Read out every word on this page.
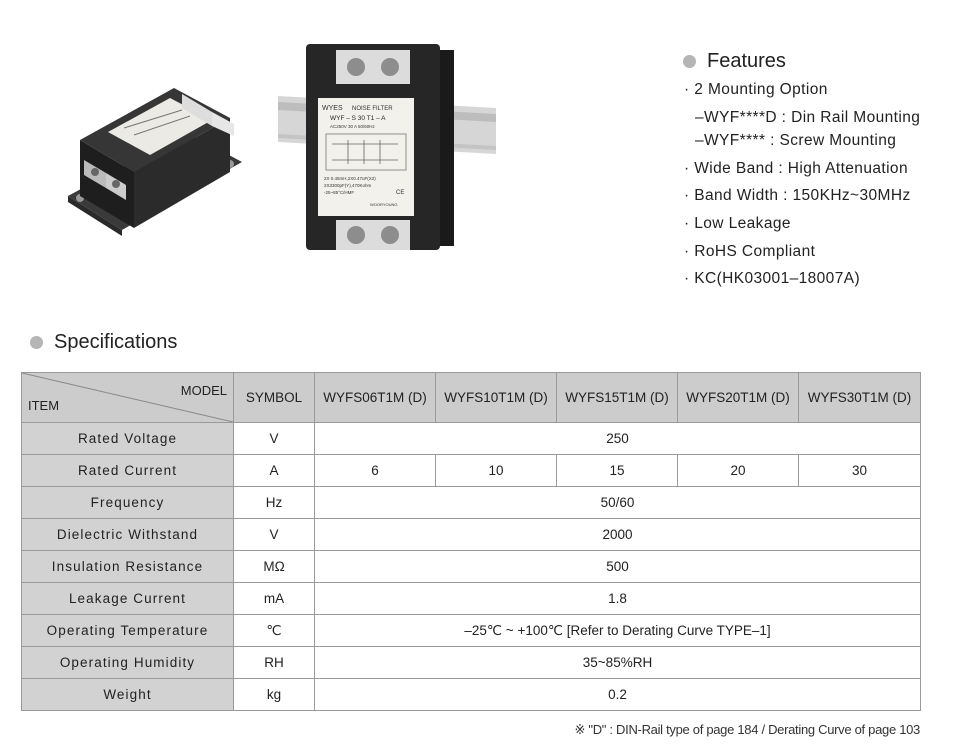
WYES NOISE FILTER
WYF – S 30 T1 – A
AC250V 30 A 50/60Hz
2X 0.45mH,2X0.47uF(X2)
2X3300pF(Y),470Kohm
-25~85°C/HMF	CE
WOORYOUNG
Features
· 2 Mounting Option
–WYF****D : Din Rail Mounting
–WYF**** : Screw Mounting
· Wide Band : High Attenuation
· Band Width : 150KHz~30MHz
· Low Leakage
· RoHS Compliant
· KC(HK03001–18007A)
Specifications
MODEL
ITEM	SYMBOL	WYFS06T1M (D)	WYFS10T1M (D)	WYFS15T1M (D)	WYFS20T1M (D)	WYFS30T1M (D)
Rated Voltage	V	250				
Rated Current	A	6	10	15	20	30
Frequency	Hz	50/60				
Dielectric Withstand	V	2000				
Insulation Resistance	MΩ	500				
Leakage Current	mA	1.8				
Operating Temperature	℃	–25℃ ~ +100℃ [Refer to Derating Curve TYPE–1]				
Operating Humidity	RH	35~85%RH				
Weight	kg	0.2				
※ "D" : DIN-Rail type of page 184 / Derating Curve of page 103
